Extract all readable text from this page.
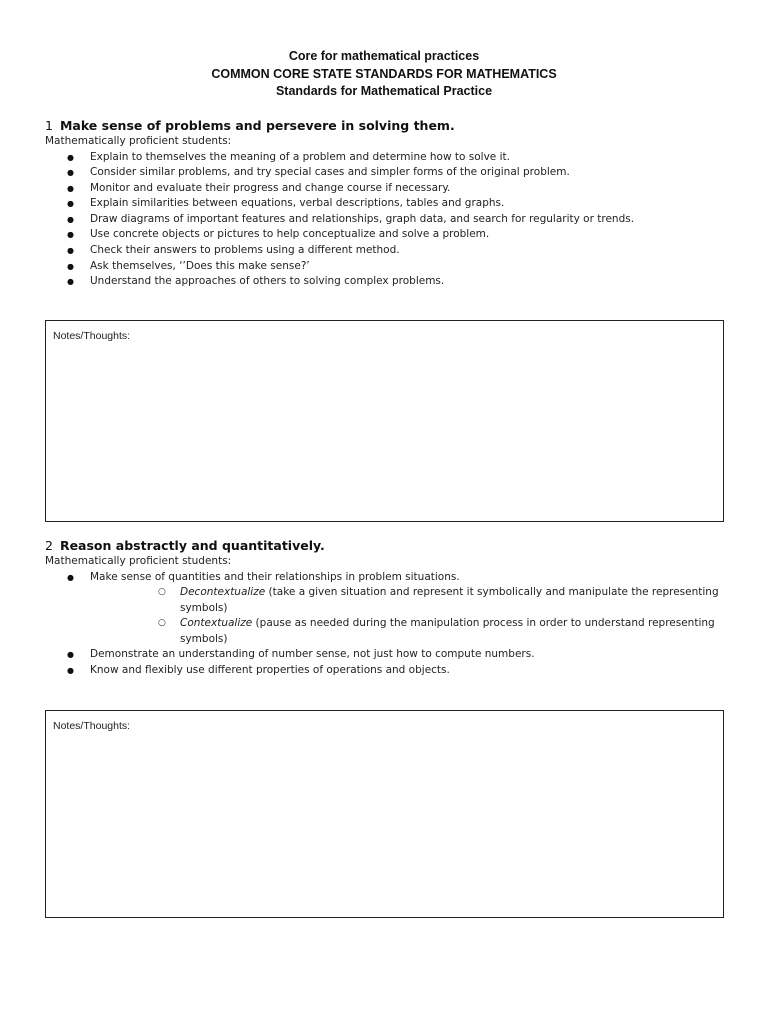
Core for mathematical practices
COMMON CORE STATE STANDARDS FOR MATHEMATICS
Standards for Mathematical Practice

1 Make sense of problems and persevere in solving them.

Mathematically proficient students:

● Explain to themselves the meaning of a problem and determine how to solve it.
● Consider similar problems, and try special cases and simpler forms of the original problem.
● Monitor and evaluate their progress and change course if necessary.
● Explain similarities between equations, verbal descriptions, tables and graphs.
● Draw diagrams of important features and relationships, graph data, and search for regularity or trends.
● Use concrete objects or pictures to help conceptualize and solve a problem.
● Check their answers to problems using a different method.
● Ask themselves, ‘’Does this make sense?’
● Understand the approaches of others to solving complex problems.
Notes/Thoughts:

2 Reason abstractly and quantitatively.

Mathematically proficient students:

● Make sense of quantities and their relationships in problem situations.
○ Decontextualize (take a given situation and represent it symbolically and manipulate the representing symbols)
○ Contextualize (pause as needed during the manipulation process in order to understand representing symbols)
● Demonstrate an understanding of number sense, not just how to compute numbers.
● Know and flexibly use different properties of operations and objects.
Notes/Thoughts:
